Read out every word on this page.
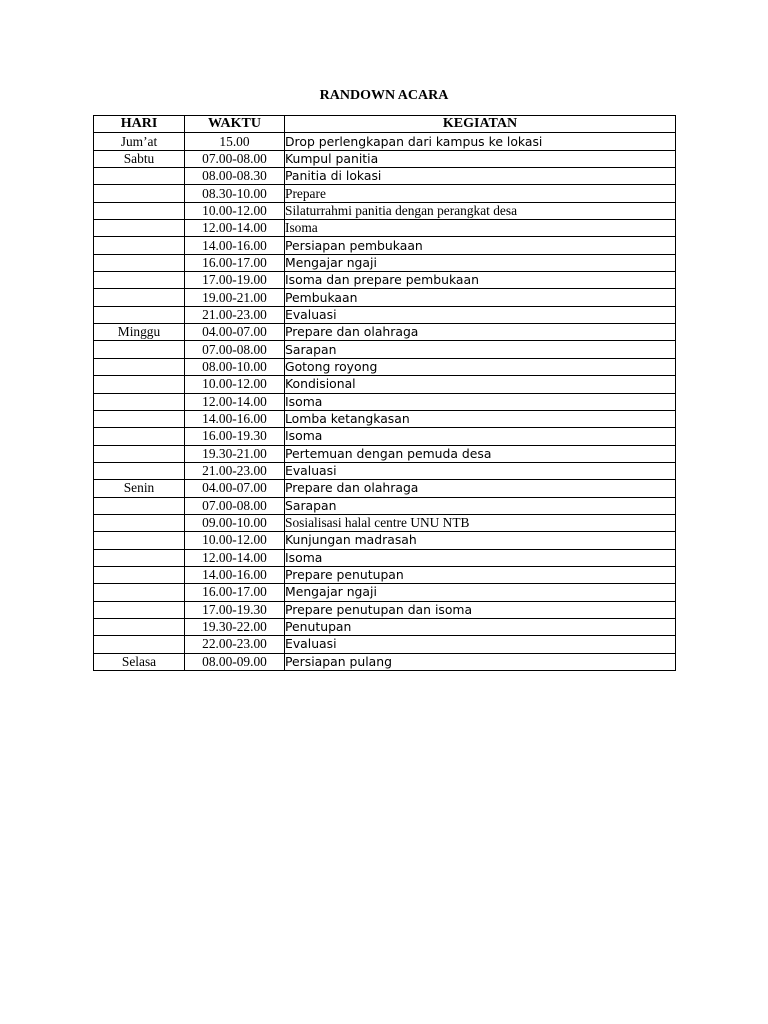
RANDOWN ACARA
HARI	WAKTU	KEGIATAN
Jum’at	15.00	Drop perlengkapan dari kampus ke lokasi
Sabtu	07.00-08.00	Kumpul panitia
	08.00-08.30	Panitia di lokasi
	08.30-10.00	Prepare
	10.00-12.00	Silaturrahmi panitia dengan perangkat desa
	12.00-14.00	Isoma
	14.00-16.00	Persiapan pembukaan
	16.00-17.00	Mengajar ngaji
	17.00-19.00	Isoma dan prepare pembukaan
	19.00-21.00	Pembukaan
	21.00-23.00	Evaluasi
Minggu	04.00-07.00	Prepare dan olahraga
	07.00-08.00	Sarapan
	08.00-10.00	Gotong royong
	10.00-12.00	Kondisional
	12.00-14.00	Isoma
	14.00-16.00	Lomba ketangkasan
	16.00-19.30	Isoma
	19.30-21.00	Pertemuan dengan pemuda desa
	21.00-23.00	Evaluasi
Senin	04.00-07.00	Prepare dan olahraga
	07.00-08.00	Sarapan
	09.00-10.00	Sosialisasi halal centre UNU NTB
	10.00-12.00	Kunjungan madrasah
	12.00-14.00	Isoma
	14.00-16.00	Prepare penutupan
	16.00-17.00	Mengajar ngaji
	17.00-19.30	Prepare penutupan dan isoma
	19.30-22.00	Penutupan
	22.00-23.00	Evaluasi
Selasa	08.00-09.00	Persiapan pulang
